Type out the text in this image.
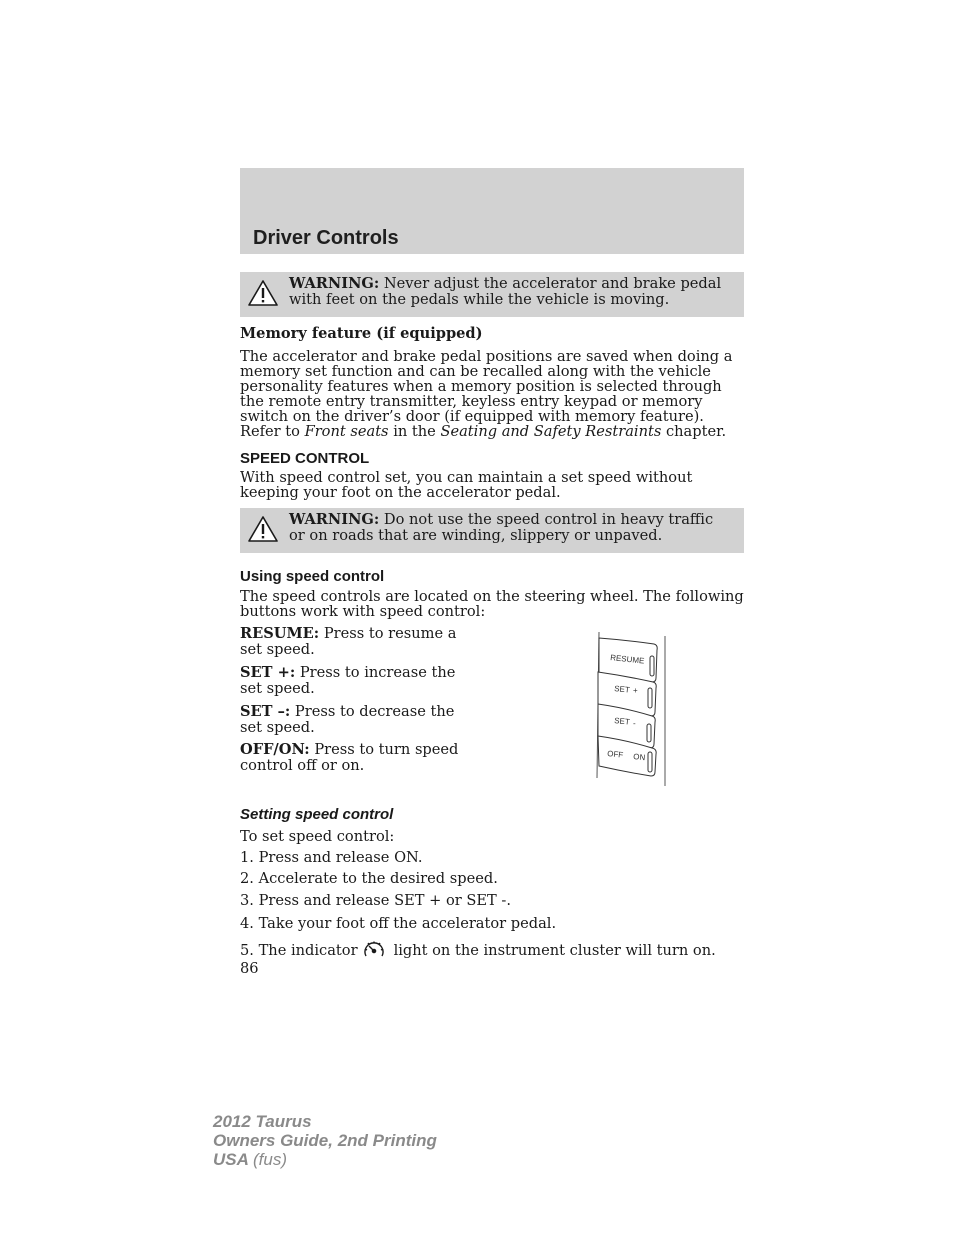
Driver Controls
WARNING: Never adjust the accelerator and brake pedal with feet on the pedals while the vehicle is moving.
Memory feature (if equipped)
The accelerator and brake pedal positions are saved when doing a memory set function and can be recalled along with the vehicle personality features when a memory position is selected through the remote entry transmitter, keyless entry keypad or memory switch on the driver’s door (if equipped with memory feature). Refer to Front seats in the Seating and Safety Restraints chapter.
SPEED CONTROL
With speed control set, you can maintain a set speed without keeping your foot on the accelerator pedal.
WARNING: Do not use the speed control in heavy traffic or on roads that are winding, slippery or unpaved.
Using speed control
The speed controls are located on the steering wheel. The following buttons work with speed control:
RESUME: Press to resume a set speed.
SET +: Press to increase the set speed.
SET –: Press to decrease the set speed.
OFF/ON: Press to turn speed control off or on.
RESUME
SET +
SET -
OFF ON
Setting speed control
To set speed control:
1. Press and release ON.
2. Accelerate to the desired speed.
3. Press and release SET + or SET -.
4. Take your foot off the accelerator pedal.
5. The indicator light on the instrument cluster will turn on.
86
2012 Taurus
Owners Guide, 2nd Printing
USA (fus)
